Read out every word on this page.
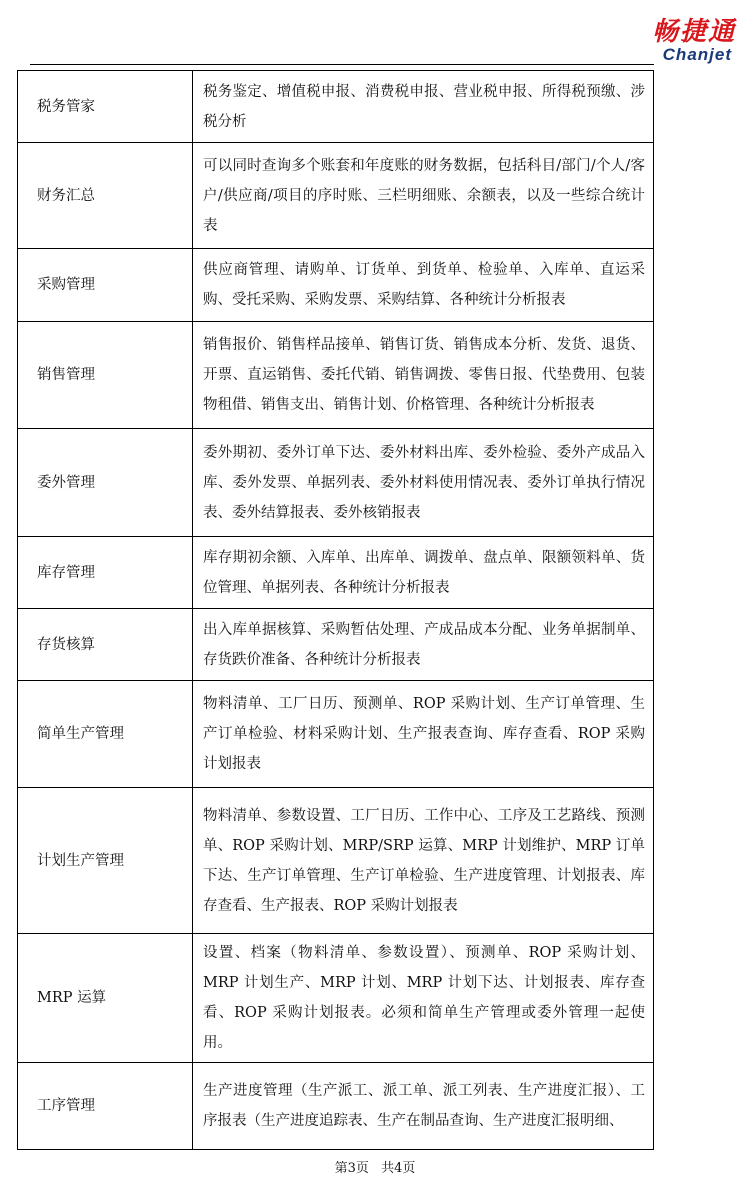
畅捷通
Chanjet
税务管家	税务鉴定、增值税申报、消费税申报、营业税申报、所得税预缴、涉税分析
财务汇总	可以同时查询多个账套和年度账的财务数据，包括科目/部门/个人/客户/供应商/项目的序时账、三栏明细账、余额表，以及一些综合统计表
采购管理	供应商管理、请购单、订货单、到货单、检验单、入库单、直运采购、受托采购、采购发票、采购结算、各种统计分析报表
销售管理	销售报价、销售样品接单、销售订货、销售成本分析、发货、退货、开票、直运销售、委托代销、销售调拨、零售日报、代垫费用、包装物租借、销售支出、销售计划、价格管理、各种统计分析报表
委外管理	委外期初、委外订单下达、委外材料出库、委外检验、委外产成品入库、委外发票、单据列表、委外材料使用情况表、委外订单执行情况表、委外结算报表、委外核销报表
库存管理	库存期初余额、入库单、出库单、调拨单、盘点单、限额领料单、货位管理、单据列表、各种统计分析报表
存货核算	出入库单据核算、采购暂估处理、产成品成本分配、业务单据制单、存货跌价准备、各种统计分析报表
简单生产管理	物料清单、工厂日历、预测单、ROP 采购计划、生产订单管理、生产订单检验、材料采购计划、生产报表查询、库存查看、ROP 采购计划报表
计划生产管理	物料清单、参数设置、工厂日历、工作中心、工序及工艺路线、预测单、ROP 采购计划、MRP/SRP 运算、MRP 计划维护、MRP 订单下达、生产订单管理、生产订单检验、生产进度管理、计划报表、库存查看、生产报表、ROP 采购计划报表
MRP 运算	设置、档案（物料清单、参数设置）、预测单、ROP 采购计划、MRP 计划生产、MRP 计划、MRP 计划下达、计划报表、库存查看、ROP 采购计划报表。必须和简单生产管理或委外管理一起使用。
工序管理	生产进度管理（生产派工、派工单、派工列表、生产进度汇报）、工序报表（生产进度追踪表、生产在制品查询、生产进度汇报明细、
第3页 共4页
